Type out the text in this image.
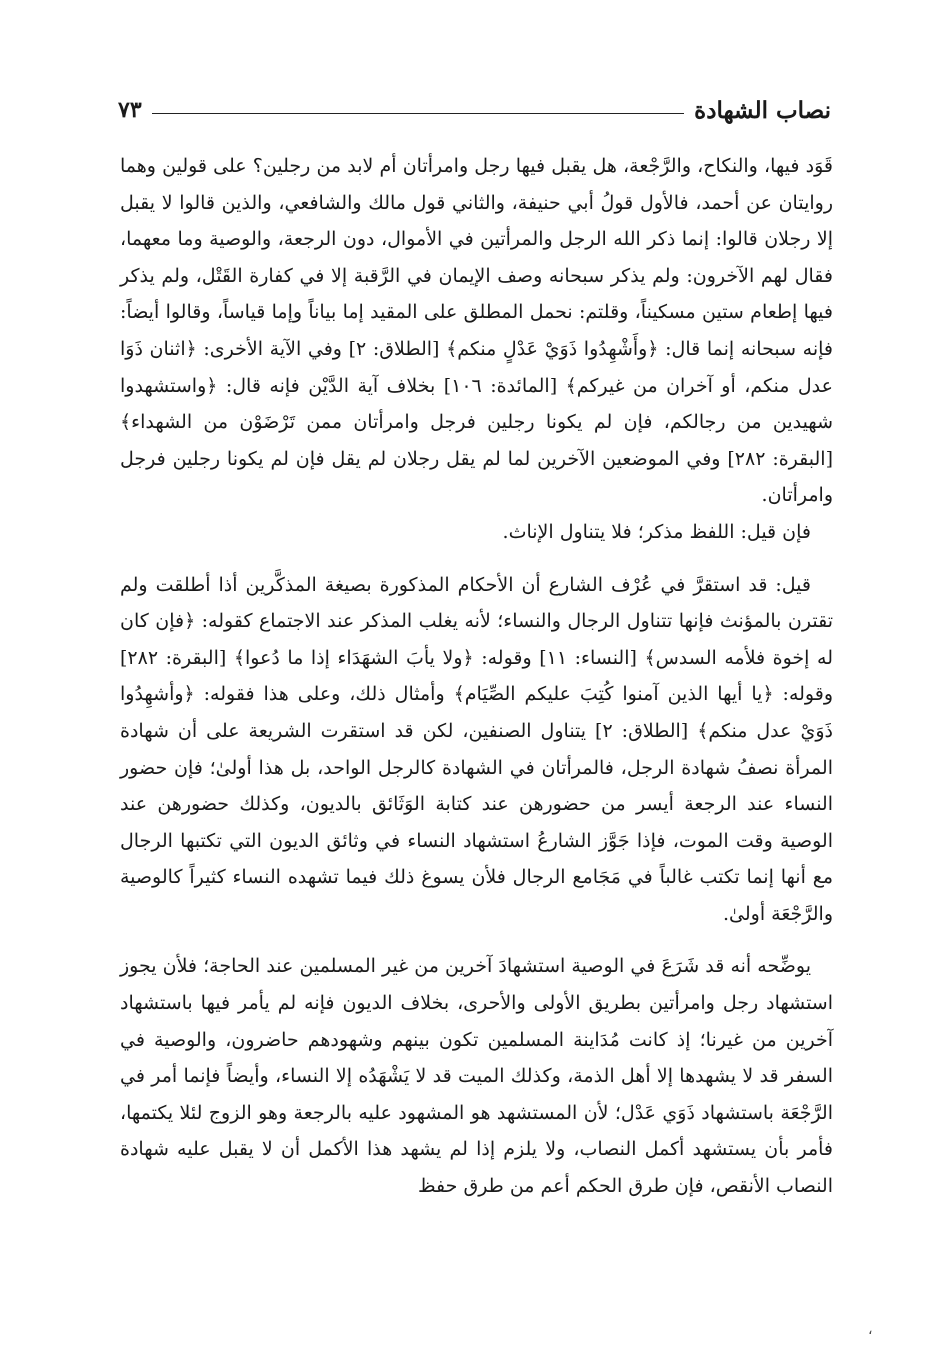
نصاب الشهادة
٧٣

قَوَد فيها، والنكاح، والرَّجْعة، هل يقبل فيها رجل وامرأتان أم لابد من رجلين؟ على قولين وهما روايتان عن أحمد، فالأول قولُ أبي حنيفة، والثاني قول مالك والشافعي، والذين قالوا لا يقبل إلا رجلان قالوا: إنما ذكر الله الرجل والمرأتين في الأموال، دون الرجعة، والوصية وما معهما، فقال لهم الآخرون: ولم يذكر سبحانه وصف الإيمان في الرَّقبة إلا في كفارة القَتْل، ولم يذكر فيها إطعام ستين مسكيناً، وقلتم: نحمل المطلق على المقيد إما بياناً وإما قياساً، وقالوا أيضاً: فإنه سبحانه إنما قال: ﴿وأَشْهِدُوا ذَوَيْ عَدْلٍ منكم﴾ [الطلاق: ٢] وفي الآية الأخرى: ﴿اثنان ذَوَا عدل منكم، أو آخران من غيركم﴾ [المائدة: ١٠٦] بخلاف آية الدَّيْن فإنه قال: ﴿واستشهدوا شهيدين من رجالكم، فإن لم يكونا رجلين فرجل وامرأتان ممن تَرْضَوْن من الشهداء﴾ [البقرة: ٢٨٢] وفي الموضعين الآخرين لما لم يقل رجلان لم يقل فإن لم يكونا رجلين فرجل وامرأتان.

فإن قيل: اللفظ مذكر؛ فلا يتناول الإناث.

قيل: قد استقرَّ في عُرْف الشارع أن الأحكام المذكورة بصيغة المذكَّرين أذا أطلقت ولم تقترن بالمؤنث فإنها تتناول الرجال والنساء؛ لأنه يغلب المذكر عند الاجتماع كقوله: ﴿فإن كان له إخوة فلأمه السدس﴾ [النساء: ١١] وقوله: ﴿ولا يأبَ الشهَدَاء إذا ما دُعوا﴾ [البقرة: ٢٨٢] وقوله: ﴿يا أيها الذين آمنوا كُتِبَ عليكم الصِّيَام﴾ وأمثال ذلك، وعلى هذا فقوله: ﴿وأشهِدُوا ذَوَيْ عدل منكم﴾ [الطلاق: ٢] يتناول الصنفين، لكن قد استقرت الشريعة على أن شهادة المرأة نصفُ شهادة الرجل، فالمرأتان في الشهادة كالرجل الواحد، بل هذا أولىٰ؛ فإن حضور النساء عند الرجعة أيسر من حضورهن عند كتابة الوَثَائق بالديون، وكذلك حضورهن عند الوصية وقت الموت، فإذا جَوَّز الشارعُ استشهاد النساء في وثائق الديون التي تكتبها الرجال مع أنها إنما تكتب غالباً في مَجَامع الرجال فلأن يسوغ ذلك فيما تشهده النساء كثيراً كالوصية والرَّجْعَة أولىٰ.

يوضِّحه أنه قد شَرَعَ في الوصية استشهادَ آخرين من غير المسلمين عند الحاجة؛ فلأن يجوز استشهاد رجل وامرأتين بطريق الأولى والأحرى، بخلاف الديون فإنه لم يأمر فيها باستشهاد آخرين من غيرنا؛ إذ كانت مُدَاينة المسلمين تكون بينهم وشهودهم حاضرون، والوصية في السفر قد لا يشهدها إلا أهل الذمة، وكذلك الميت قد لا يَشْهَدُه إلا النساء، وأيضاً فإنما أمر في الرَّجْعَة باستشهاد ذَوَي عَدْل؛ لأن المستشهد هو المشهود عليه بالرجعة وهو الزوج لئلا يكتمها، فأمر بأن يستشهد أكمل النصاب، ولا يلزم إذا لم يشهد هذا الأكمل أن لا يقبل عليه شهادة النصاب الأنقص، فإن طرق الحكم أعم من طرق حفظ

،
